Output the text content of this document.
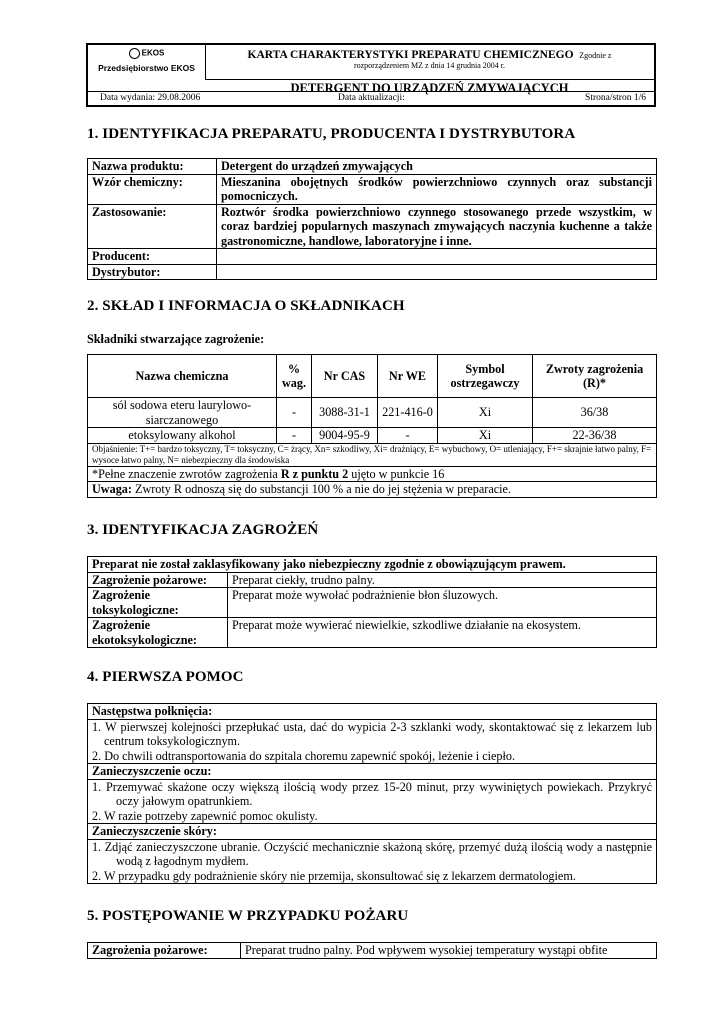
EKOS
Przedsiębiorstwo EKOS
KARTA CHARAKTERYSTYKI PREPARATU CHEMICZNEGO Zgodnie z
rozporządzeniem MZ z dnia 14 grudnia 2004 r.
DETERGENT DO URZĄDZEŃ ZMYWAJĄCYCH
Data wydania: 29.08.2006	Data aktualizacji:	Strona/stron 1/6
1. IDENTYFIKACJA PREPARATU, PRODUCENTA I DYSTRYBUTORA
Nazwa produktu:	Detergent do urządzeń zmywających
Wzór chemiczny:	Mieszanina obojętnych środków powierzchniowo czynnych oraz substancji pomocniczych.
Zastosowanie:	Roztwór środka powierzchniowo czynnego stosowanego przede wszystkim, w coraz bardziej popularnych maszynach zmywających naczynia kuchenne a także gastronomiczne, handlowe, laboratoryjne i inne.
Producent:	
Dystrybutor:	
2. SKŁAD I INFORMACJA O SKŁADNIKACH
Składniki stwarzające zagrożenie:
Nazwa chemiczna	% wag.	Nr CAS	Nr WE	Symbol ostrzegawczy	Zwroty zagrożenia (R)*
sól sodowa eteru laurylowo-siarczanowego	-	3088-31-1	221-416-0	Xi	36/38
etoksylowany alkohol	-	9004-95-9	-	Xi	22-36/38
Objaśnienie: T+= bardzo toksyczny, T= toksyczny, C= żrący, Xn= szkodliwy, Xi= drażniący, E= wybuchowy, O= utleniający, F+= skrajnie łatwo palny, F= wysoce łatwo palny, N= niebezpieczny dla środowiska					
*Pełne znaczenie zwrotów zagrożenia R z punktu 2 ujęto w punkcie 16					
Uwaga: Zwroty R odnoszą się do substancji 100 % a nie do jej stężenia w preparacie.					
3. IDENTYFIKACJA ZAGROŻEŃ
Preparat nie został zaklasyfikowany jako niebezpieczny zgodnie z obowiązującym prawem.	
Zagrożenie pożarowe:	Preparat ciekły, trudno palny.
Zagrożenie toksykologiczne:	Preparat może wywołać podrażnienie błon śluzowych.
Zagrożenie ekotoksykologiczne:	Preparat może wywierać niewielkie, szkodliwe działanie na ekosystem.
4. PIERWSZA POMOC
Następstwa połknięcia:

1. W pierwszej kolejności przepłukać usta, dać do wypicia 2-3 szklanki wody, skontaktować się z lekarzem lub centrum toksykologicznym.
2. Do chwili odtransportowania do szpitala choremu zapewnić spokój, leżenie i ciepło.

Zanieczyszczenie oczu:

1. Przemywać skażone oczy większą ilością wody przez 15-20 minut, przy wywiniętych powiekach. Przykryć oczy jałowym opatrunkiem.
2. W razie potrzeby zapewnić pomoc okulisty.

Zanieczyszczenie skóry:

1. Zdjąć zanieczyszczone ubranie. Oczyścić mechanicznie skażoną skórę, przemyć dużą ilością wody a następnie wodą z łagodnym mydłem.
2. W przypadku gdy podrażnienie skóry nie przemija, skonsultować się z lekarzem dermatologiem.
5. POSTĘPOWANIE W PRZYPADKU POŻARU
Zagrożenia pożarowe:	Preparat trudno palny. Pod wpływem wysokiej temperatury wystąpi obfite
